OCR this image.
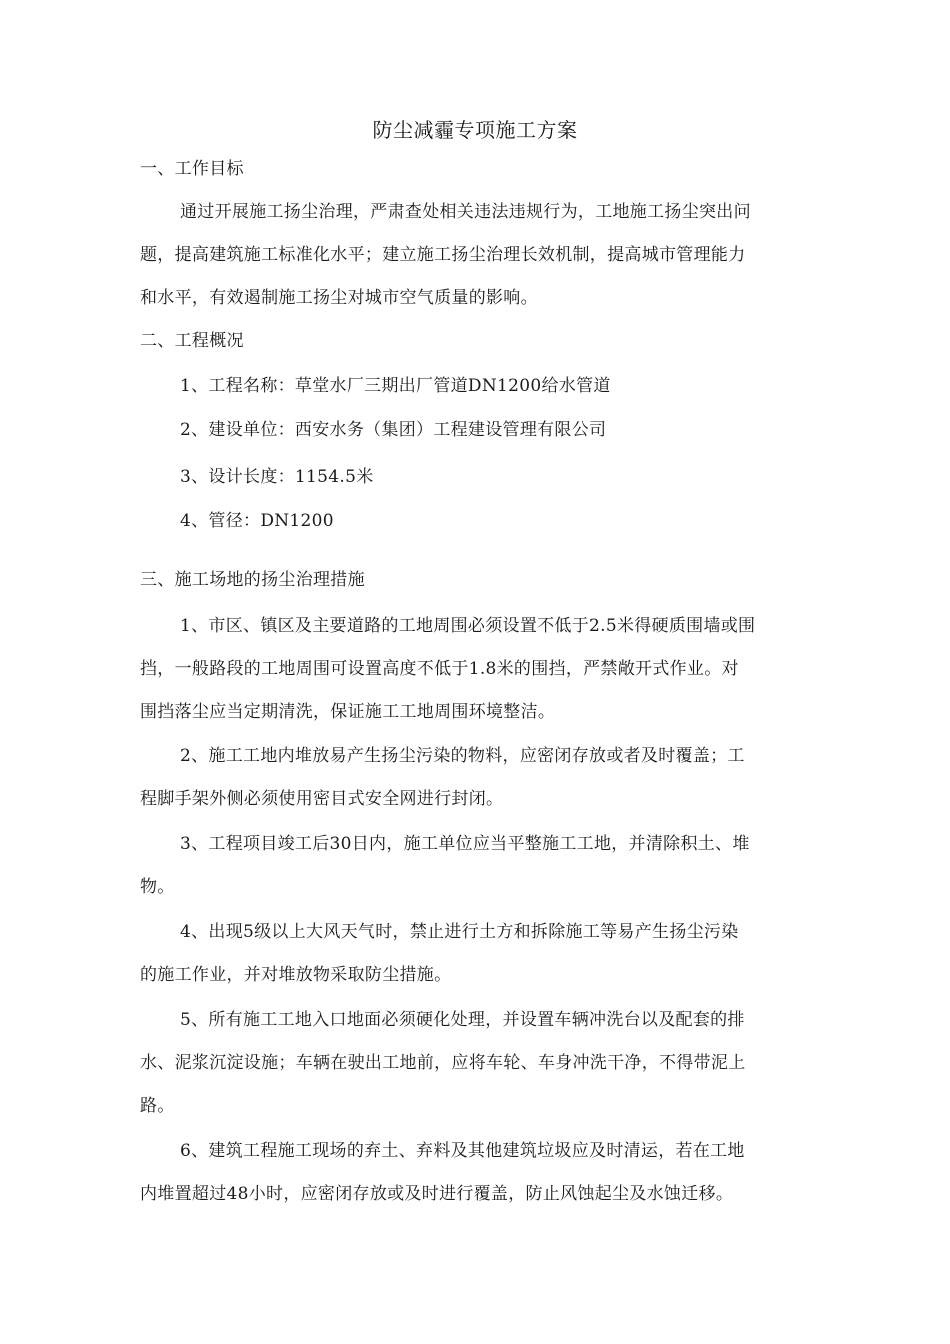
防尘减霾专项施工方案
一、工作目标
通过开展施工扬尘治理，严肃查处相关违法违规行为，工地施工扬尘突出问
题，提高建筑施工标准化水平；建立施工扬尘治理长效机制，提高城市管理能力
和水平，有效遏制施工扬尘对城市空气质量的影响。
二、工程概况
1、工程名称：草堂水厂三期出厂管道DN1200给水管道
2、建设单位：西安水务（集团）工程建设管理有限公司
3、设计长度：1154.5米
4、管径：DN1200
三、施工场地的扬尘治理措施
1、市区、镇区及主要道路的工地周围必须设置不低于2.5米得硬质围墙或围
挡，一般路段的工地周围可设置高度不低于1.8米的围挡，严禁敞开式作业。对
围挡落尘应当定期清洗，保证施工工地周围环境整洁。
2、施工工地内堆放易产生扬尘污染的物料，应密闭存放或者及时覆盖；工
程脚手架外侧必须使用密目式安全网进行封闭。
3、工程项目竣工后30日内，施工单位应当平整施工工地，并清除积土、堆
物。
4、出现5级以上大风天气时，禁止进行土方和拆除施工等易产生扬尘污染
的施工作业，并对堆放物采取防尘措施。
5、所有施工工地入口地面必须硬化处理，并设置车辆冲洗台以及配套的排
水、泥浆沉淀设施；车辆在驶出工地前，应将车轮、车身冲洗干净，不得带泥上
路。
6、建筑工程施工现场的弃土、弃料及其他建筑垃圾应及时清运，若在工地
内堆置超过48小时，应密闭存放或及时进行覆盖，防止风蚀起尘及水蚀迁移。
